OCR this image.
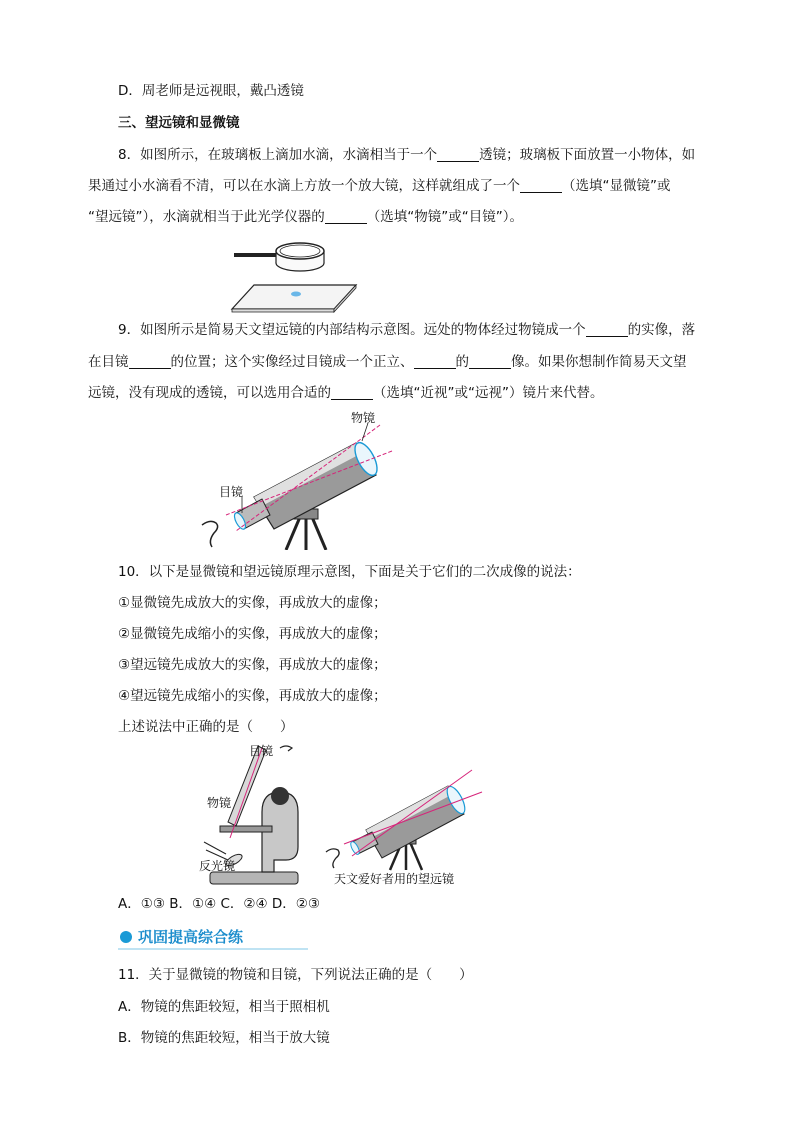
D．周老师是远视眼，戴凸透镜
三、望远镜和显微镜
8．如图所示，在玻璃板上滴加水滴，水滴相当于一个	透镜；玻璃板下面放置一小物体，如
果通过小水滴看不清，可以在水滴上方放一个放大镜，这样就组成了一个	（选填“显微镜”或
“望远镜”），水滴就相当于此光学仪器的	（选填“物镜”或“目镜”）。
9．如图所示是简易天文望远镜的内部结构示意图。远处的物体经过物镜成一个	的实像，落
在目镜	的位置；这个实像经过目镜成一个正立、	的	像。如果你想制作简易天文望
远镜，没有现成的透镜，可以选用合适的	（选填“近视”或“远视”）镜片来代替。
物镜
目镜
10．以下是显微镜和望远镜原理示意图，下面是关于它们的二次成像的说法：
①显微镜先成放大的实像，再成放大的虚像；
②显微镜先成缩小的实像，再成放大的虚像；
③望远镜先成放大的实像，再成放大的虚像；
④望远镜先成缩小的实像，再成放大的虚像；
上述说法中正确的是（　　）
目镜
物镜
反光镜
天文爱好者用的望远镜
A．①③ B．①④ C．②④ D．②③
巩固提高综合练
11．关于显微镜的物镜和目镜，下列说法正确的是（　　）
A．物镜的焦距较短，相当于照相机
B．物镜的焦距较短，相当于放大镜
